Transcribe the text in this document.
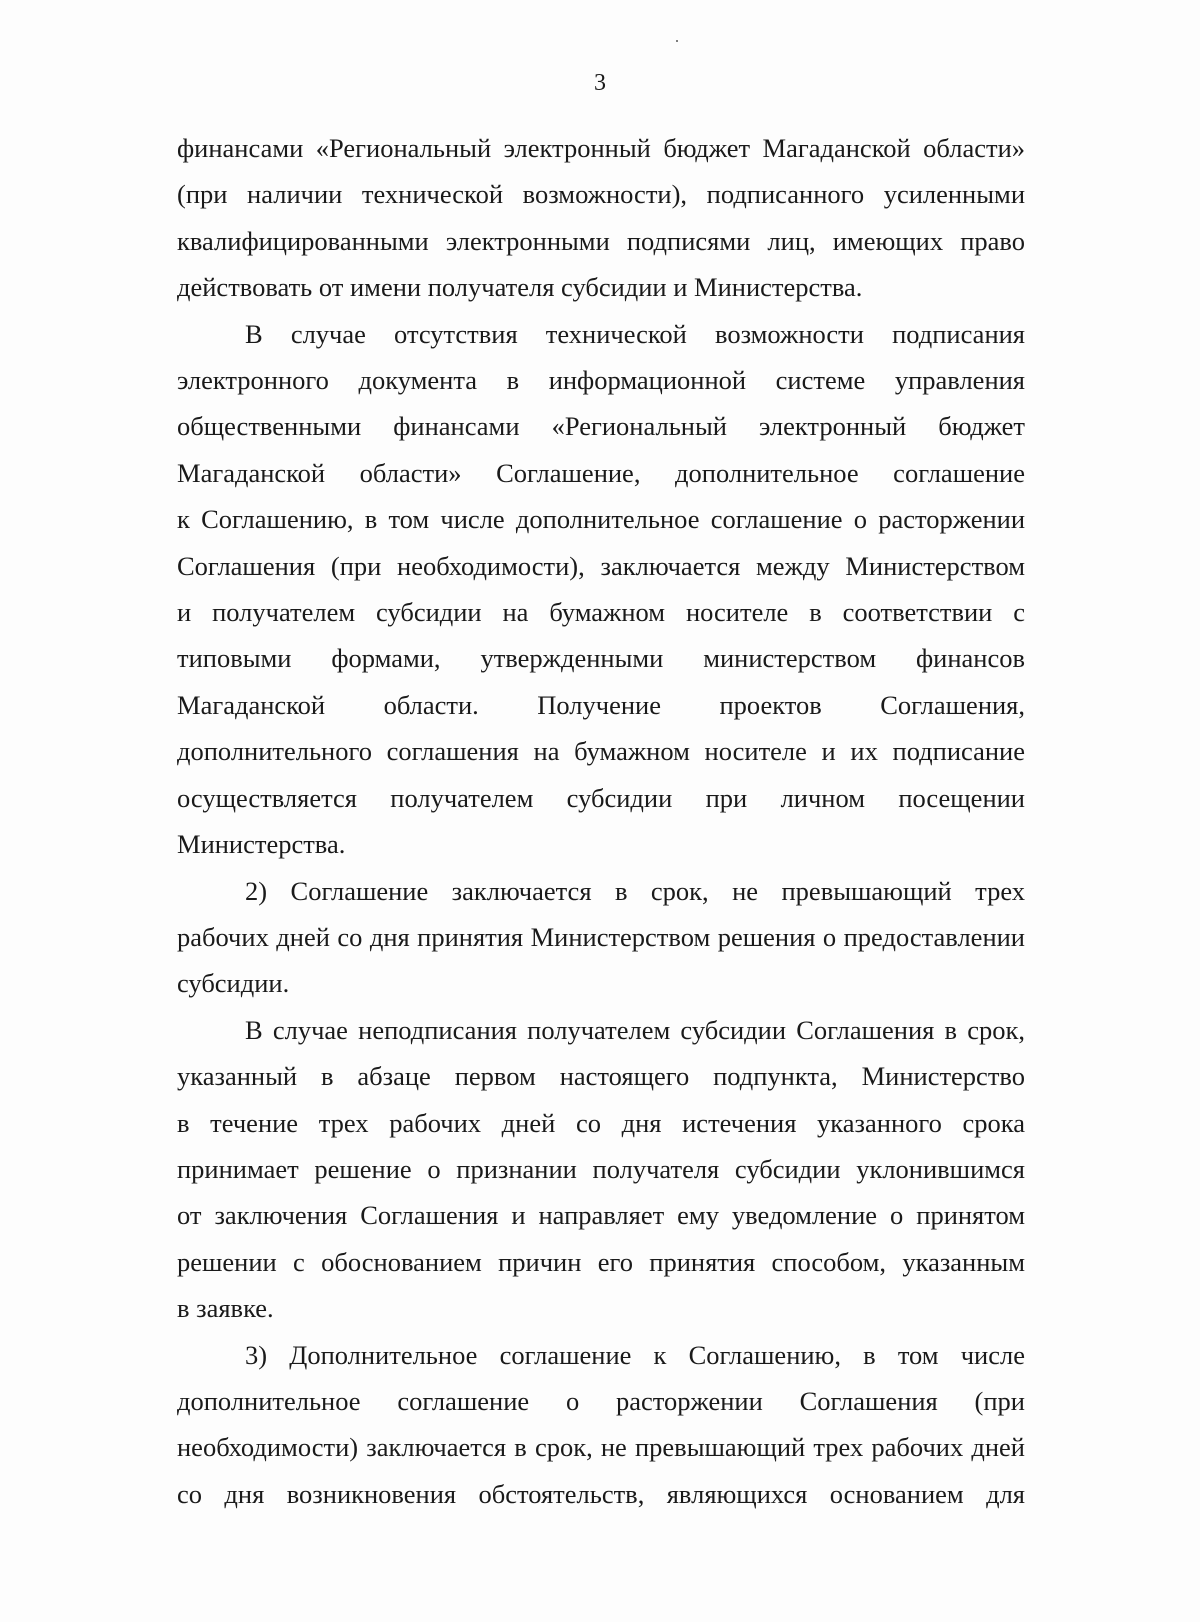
3
финансами «Региональный электронный бюджет Магаданской области»
(при наличии технической возможности), подписанного усиленными
квалифицированными электронными подписями лиц, имеющих право
действовать от имени получателя субсидии и Министерства.
В случае отсутствия технической возможности подписания
электронного документа в информационной системе управления
общественными финансами «Региональный электронный бюджет
Магаданской области» Соглашение, дополнительное соглашение
к Соглашению, в том числе дополнительное соглашение о расторжении
Соглашения (при необходимости), заключается между Министерством
и получателем субсидии на бумажном носителе в соответствии с
типовыми формами, утвержденными министерством финансов
Магаданской области. Получение проектов Соглашения,
дополнительного соглашения на бумажном носителе и их подписание
осуществляется получателем субсидии при личном посещении
Министерства.
2) Соглашение заключается в срок, не превышающий трех
рабочих дней со дня принятия Министерством решения о предоставлении
субсидии.
В случае неподписания получателем субсидии Соглашения в срок,
указанный в абзаце первом настоящего подпункта, Министерство
в течение трех рабочих дней со дня истечения указанного срока
принимает решение о признании получателя субсидии уклонившимся
от заключения Соглашения и направляет ему уведомление о принятом
решении с обоснованием причин его принятия способом, указанным
в заявке.
3) Дополнительное соглашение к Соглашению, в том числе
дополнительное соглашение о расторжении Соглашения (при
необходимости) заключается в срок, не превышающий трех рабочих дней
со дня возникновения обстоятельств, являющихся основанием для
